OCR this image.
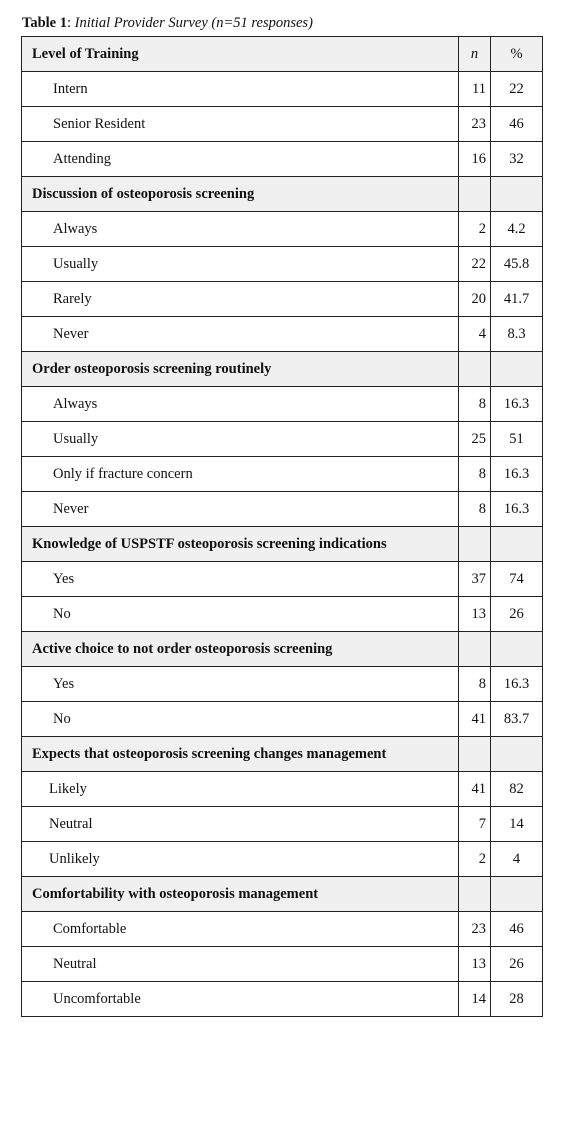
Table 1: Initial Provider Survey (n=51 responses)
Level of Training	n	%
Intern	11	22
Senior Resident	23	46
Attending	16	32
Discussion of osteoporosis screening		
Always	2	4.2
Usually	22	45.8
Rarely	20	41.7
Never	4	8.3
Order osteoporosis screening routinely		
Always	8	16.3
Usually	25	51
Only if fracture concern	8	16.3
Never	8	16.3
Knowledge of USPSTF osteoporosis screening indications		
Yes	37	74
No	13	26
Active choice to not order osteoporosis screening		
Yes	8	16.3
No	41	83.7
Expects that osteoporosis screening changes management		
Likely	41	82
Neutral	7	14
Unlikely	2	4
Comfortability with osteoporosis management		
Comfortable	23	46
Neutral	13	26
Uncomfortable	14	28
